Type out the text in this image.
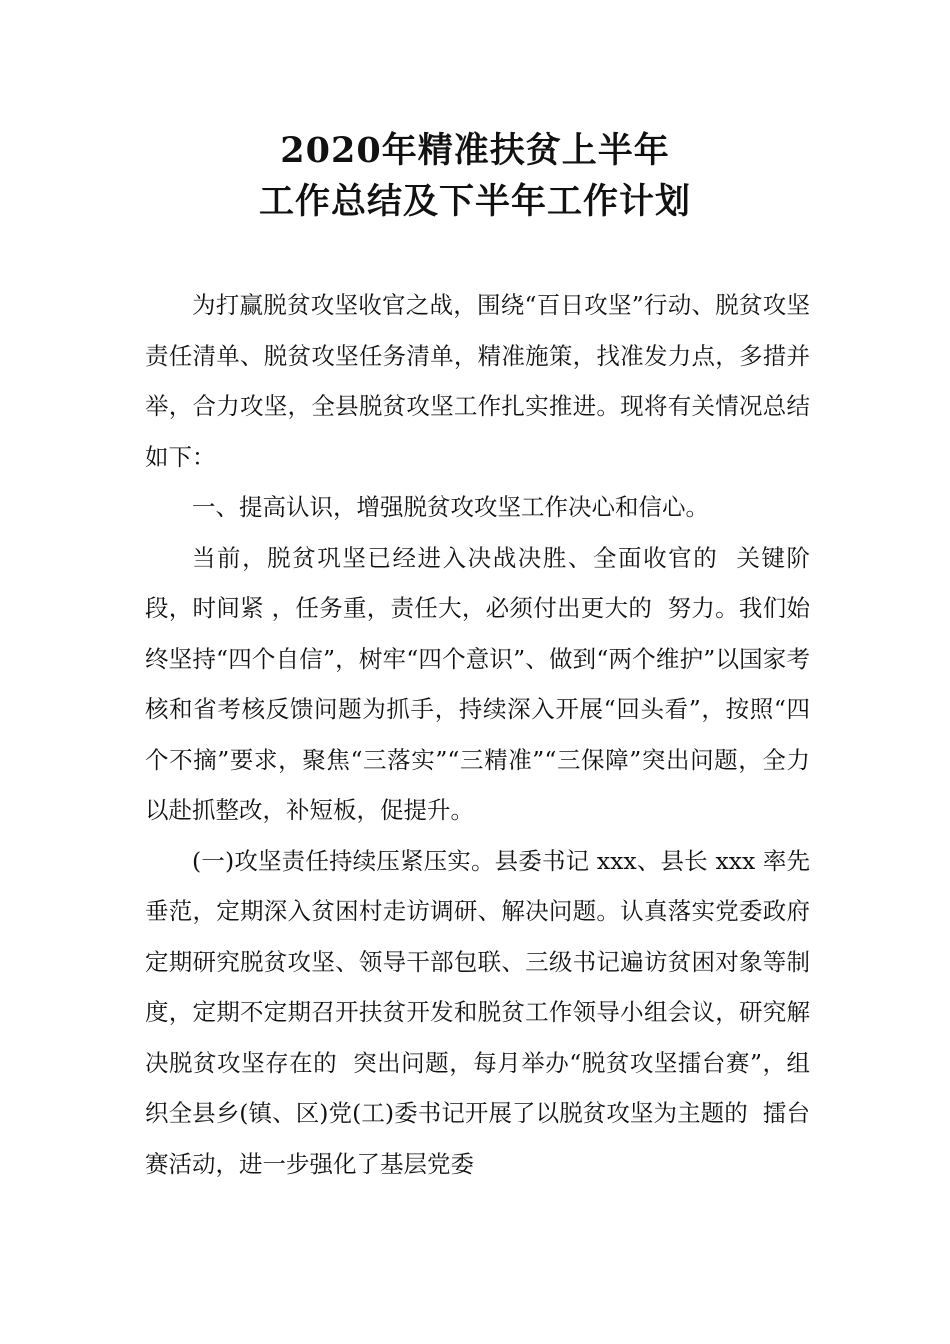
2020年精准扶贫上半年
工作总结及下半年工作计划

为打赢脱贫攻坚收官之战，围绕“百日攻坚”行动、脱贫攻坚责任清单、脱贫攻坚任务清单，精准施策，找准发力点，多措并举，合力攻坚，全县脱贫攻坚工作扎实推进。现将有关情况总结如下：

一、提高认识，增强脱贫攻攻坚工作决心和信心。

当前，脱贫巩坚已经进入决战决胜、全面收官的  关键阶段，时间紧 ，任务重，责任大，必须付出更大的  努力。我们始终坚持“四个自信”，树牢“四个意识”、做到“两个维护”以国家考核和省考核反馈问题为抓手，持续深入开展“回头看”，按照“四个不摘”要求，聚焦“三落实”“三精准”“三保障”突出问题，全力以赴抓整改，补短板，促提升。

(一)攻坚责任持续压紧压实。县委书记 xxx、县长 xxx 率先垂范，定期深入贫困村走访调研、解决问题。认真落实党委政府定期研究脱贫攻坚、领导干部包联、三级书记遍访贫困对象等制度，定期不定期召开扶贫开发和脱贫工作领导小组会议，研究解决脱贫攻坚存在的  突出问题，每月举办“脱贫攻坚擂台赛”，组织全县乡(镇、区)党(工)委书记开展了以脱贫攻坚为主题的  擂台赛活动，进一步强化了基层党委
